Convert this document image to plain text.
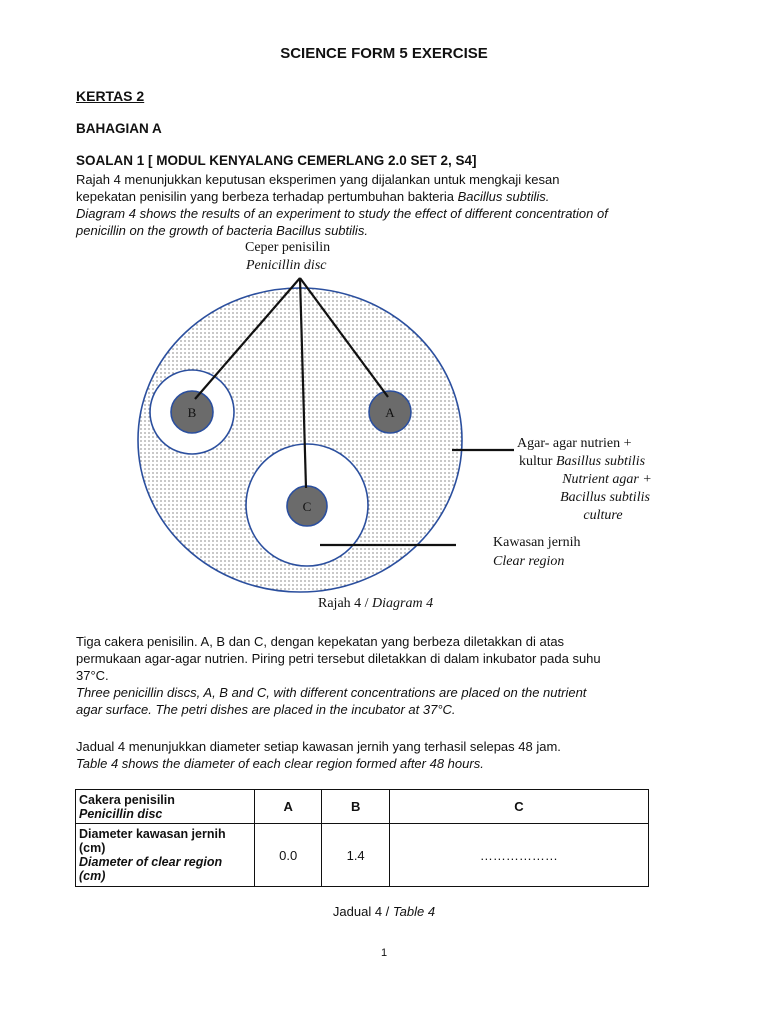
SCIENCE FORM 5 EXERCISE
KERTAS 2
BAHAGIAN A
SOALAN 1 [ MODUL KENYALANG CEMERLANG 2.0 SET 2, S4]
Rajah 4 menunjukkan keputusan eksperimen yang dijalankan untuk mengkaji kesan
kepekatan penisilin yang berbeza terhadap pertumbuhan bakteria Bacillus subtilis.
Diagram 4 shows the results of an experiment to study the effect of different concentration of
penicillin on the growth of bacteria Bacillus subtilis.
B	A
C
Ceper penisilin
Penicillin disc
Agar- agar nutrien +
kultur Basillus subtilis
Nutrient agar +
Bacillus subtilis
culture
Kawasan jernih
Clear region
Rajah 4 / Diagram 4
Tiga cakera penisilin. A, B dan C, dengan kepekatan yang berbeza diletakkan di atas
permukaan agar-agar nutrien. Piring petri tersebut diletakkan di dalam inkubator pada suhu
37°C.
Three penicillin discs, A, B and C, with different concentrations are placed on the nutrient
agar surface. The petri dishes are placed in the incubator at 37°C.
Jadual 4 menunjukkan diameter setiap kawasan jernih yang terhasil selepas 48 jam.
Table 4 shows the diameter of each clear region formed after 48 hours.
Cakera penisilin
Penicillin disc	A	B	C

Diameter kawasan jernih (cm)
Diameter of clear region (cm)	0.0	1.4	………………
Jadual 4 / Table 4
1
